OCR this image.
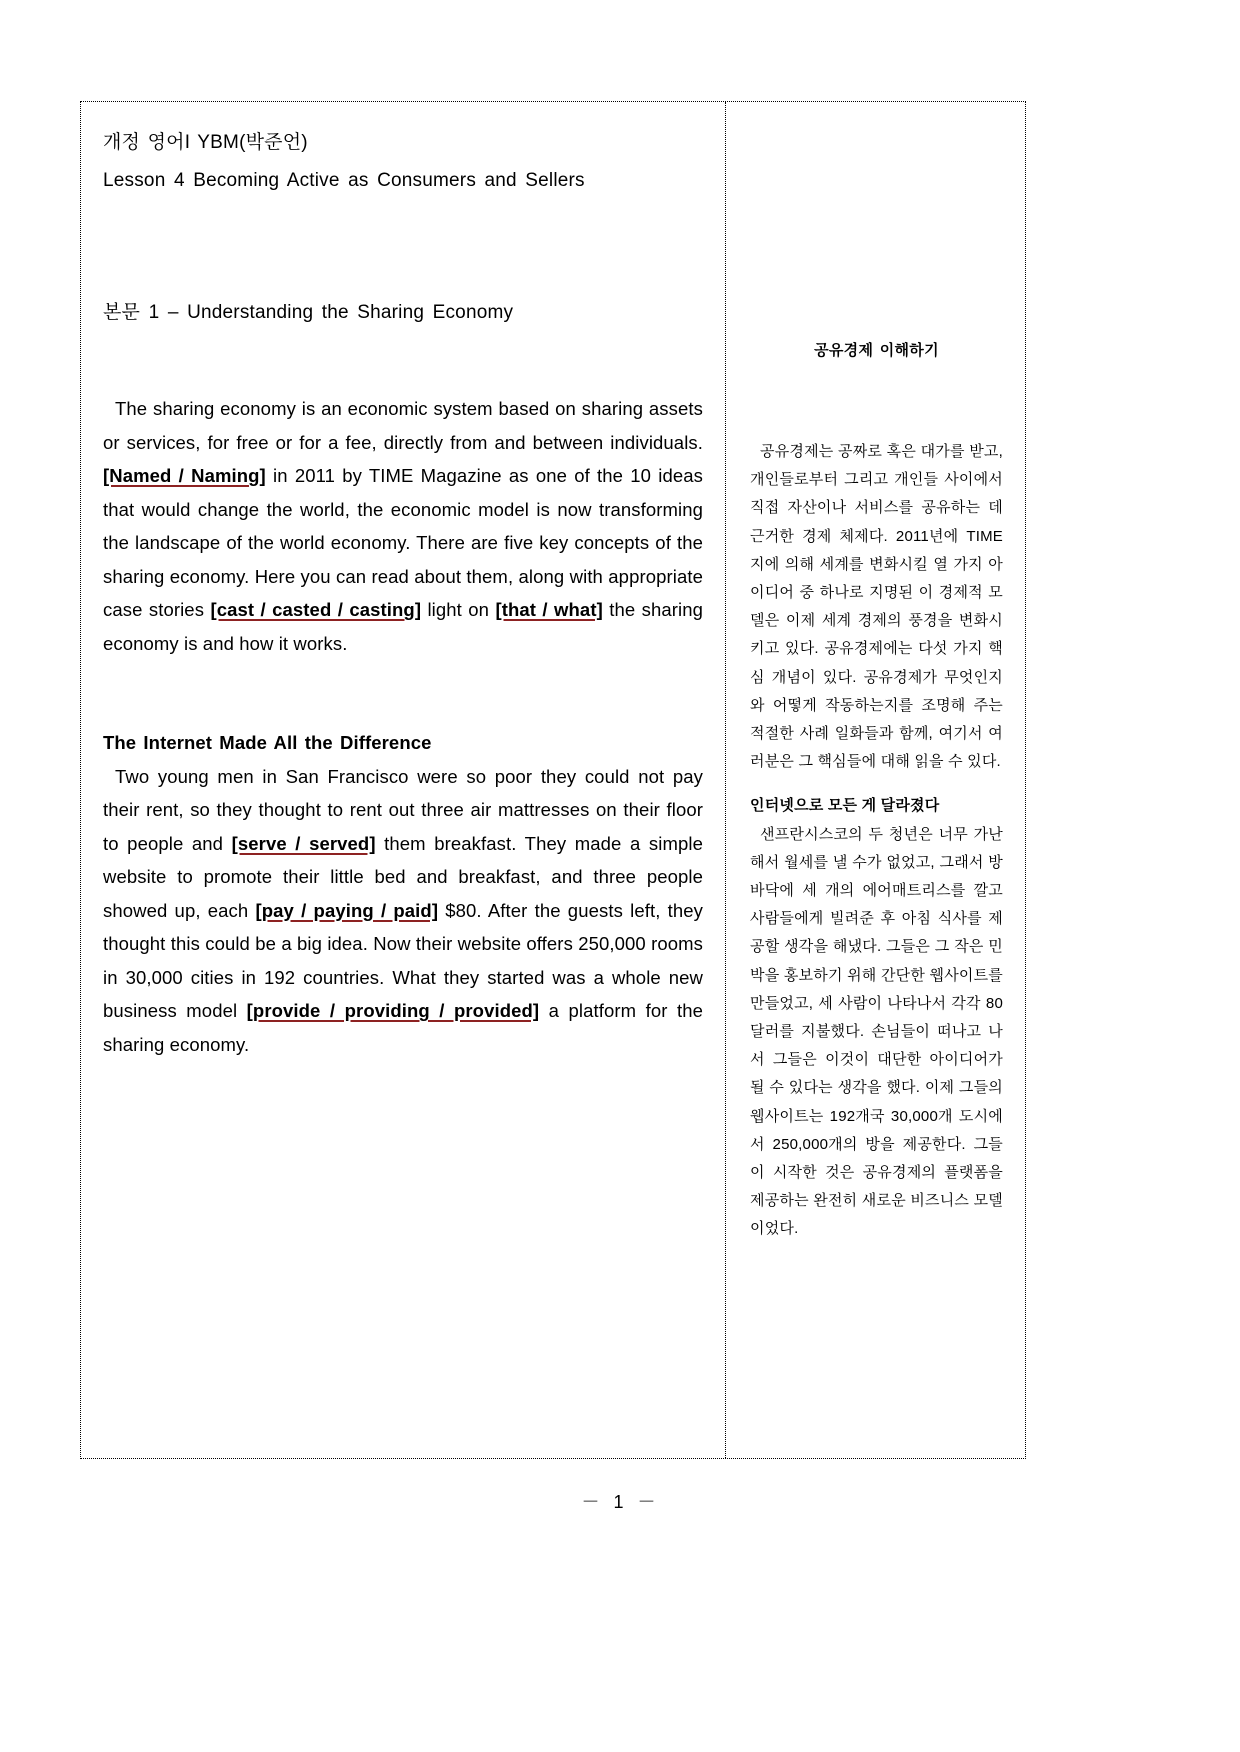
개정 영어I YBM(박준언)
Lesson 4 Becoming Active as Consumers and Sellers
본문 1 – Understanding the Sharing Economy

The sharing economy is an economic system based on sharing assets or services, for free or for a fee, directly from and between individuals. [Named / Naming] in 2011 by TIME Magazine as one of the 10 ideas that would change the world, the economic model is now transforming the landscape of the world economy. There are five key concepts of the sharing economy. Here you can read about them, along with appropriate case stories [cast / casted / casting] light on [that / what] the sharing economy is and how it works.

The Internet Made All the Difference

Two young men in San Francisco were so poor they could not pay their rent, so they thought to rent out three air mattresses on their floor to people and [serve / served] them breakfast. They made a simple website to promote their little bed and breakfast, and three people showed up, each [pay / paying / paid] $80. After the guests left, they thought this could be a big idea. Now their website offers 250,000 rooms in 30,000 cities in 192 countries. What they started was a whole new business model [provide / providing / provided] a platform for the sharing economy.

공유경제 이해하기

공유경제는 공짜로 혹은 대가를 받고, 개인들로부터 그리고 개인들 사이에서 직접 자산이나 서비스를 공유하는 데 근거한 경제 체제다. 2011년에 TIME지에 의해 세계를 변화시킬 열 가지 아이디어 중 하나로 지명된 이 경제적 모델은 이제 세계 경제의 풍경을 변화시키고 있다. 공유경제에는 다섯 가지 핵심 개념이 있다. 공유경제가 무엇인지와 어떻게 작동하는지를 조명해 주는 적절한 사례 일화들과 함께, 여기서 여러분은 그 핵심들에 대해 읽을 수 있다.

인터넷으로 모든 게 달라졌다

샌프란시스코의 두 청년은 너무 가난해서 월세를 낼 수가 없었고, 그래서 방바닥에 세 개의 에어매트리스를 깔고 사람들에게 빌려준 후 아침 식사를 제공할 생각을 해냈다. 그들은 그 작은 민박을 홍보하기 위해 간단한 웹사이트를 만들었고, 세 사람이 나타나서 각각 80달러를 지불했다. 손님들이 떠나고 나서 그들은 이것이 대단한 아이디어가 될 수 있다는 생각을 했다. 이제 그들의 웹사이트는 192개국 30,000개 도시에서 250,000개의 방을 제공한다. 그들이 시작한 것은 공유경제의 플랫폼을 제공하는 완전히 새로운 비즈니스 모델이었다.

－ 1 －
